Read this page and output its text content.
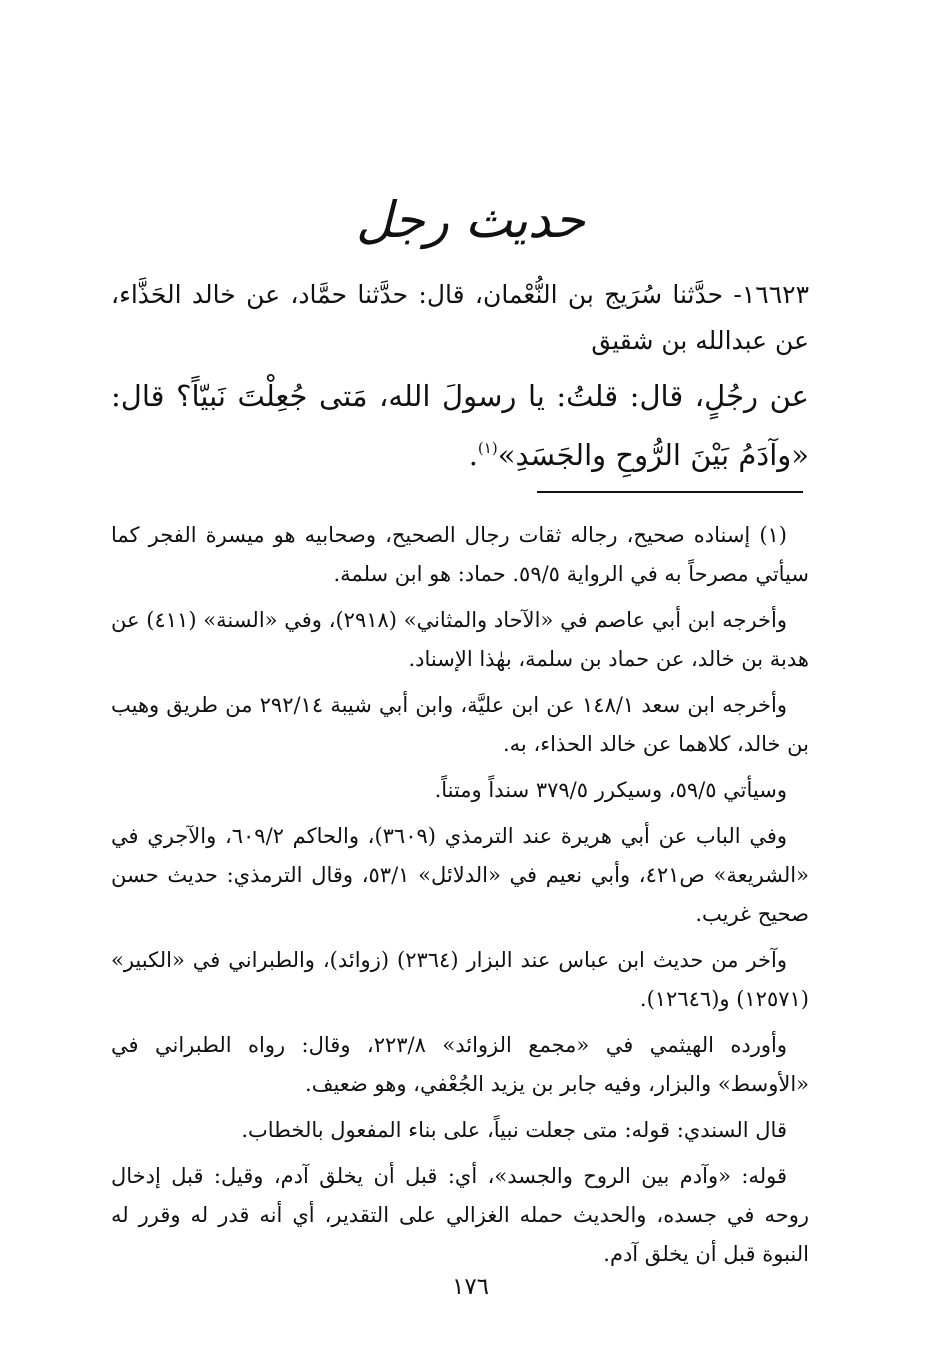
حديث رجل
١٦٦٢٣- حدَّثنا سُرَيج بن النُّعْمان، قال: حدَّثنا حمَّاد، عن خالد الحَذَّاء، عن عبدالله بن شقيق
عن رجُلٍ، قال: قلتُ: يا رسولَ الله، مَتى جُعِلْتَ نَبيّاً؟ قال: «وآدَمُ بَيْنَ الرُّوحِ والجَسَدِ»$^{(١)}$.

(١) إسناده صحيح، رجاله ثقات رجال الصحيح، وصحابيه هو ميسرة الفجر كما سيأتي مصرحاً به في الرواية ٥٩/٥. حماد: هو ابن سلمة.

وأخرجه ابن أبي عاصم في «الآحاد والمثاني» (٢٩١٨)، وفي «السنة» (٤١١) عن هدبة بن خالد، عن حماد بن سلمة، بهٰذا الإسناد.

وأخرجه ابن سعد ١٤٨/١ عن ابن عليَّة، وابن أبي شيبة ٢٩٢/١٤ من طريق وهيب بن خالد، كلاهما عن خالد الحذاء، به.

وسيأتي ٥٩/٥، وسيكرر ٣٧٩/٥ سنداً ومتناً.

وفي الباب عن أبي هريرة عند الترمذي (٣٦٠٩)، والحاكم ٦٠٩/٢، والآجري في «الشريعة» ص٤٢١، وأبي نعيم في «الدلائل» ٥٣/١، وقال الترمذي: حديث حسن صحيح غريب.

وآخر من حديث ابن عباس عند البزار (٢٣٦٤) (زوائد)، والطبراني في «الكبير» (١٢٥٧١) و(١٢٦٤٦).

وأورده الهيثمي في «مجمع الزوائد» ٢٢٣/٨، وقال: رواه الطبراني في «الأوسط» والبزار، وفيه جابر بن يزيد الجُعْفي، وهو ضعيف.

قال السندي: قوله: متى جعلت نبياً، على بناء المفعول بالخطاب.

قوله: «وآدم بين الروح والجسد»، أي: قبل أن يخلق آدم، وقيل: قبل إدخال روحه في جسده، والحديث حمله الغزالي على التقدير، أي أنه قدر له وقرر له النبوة قبل أن يخلق آدم.

١٧٦
